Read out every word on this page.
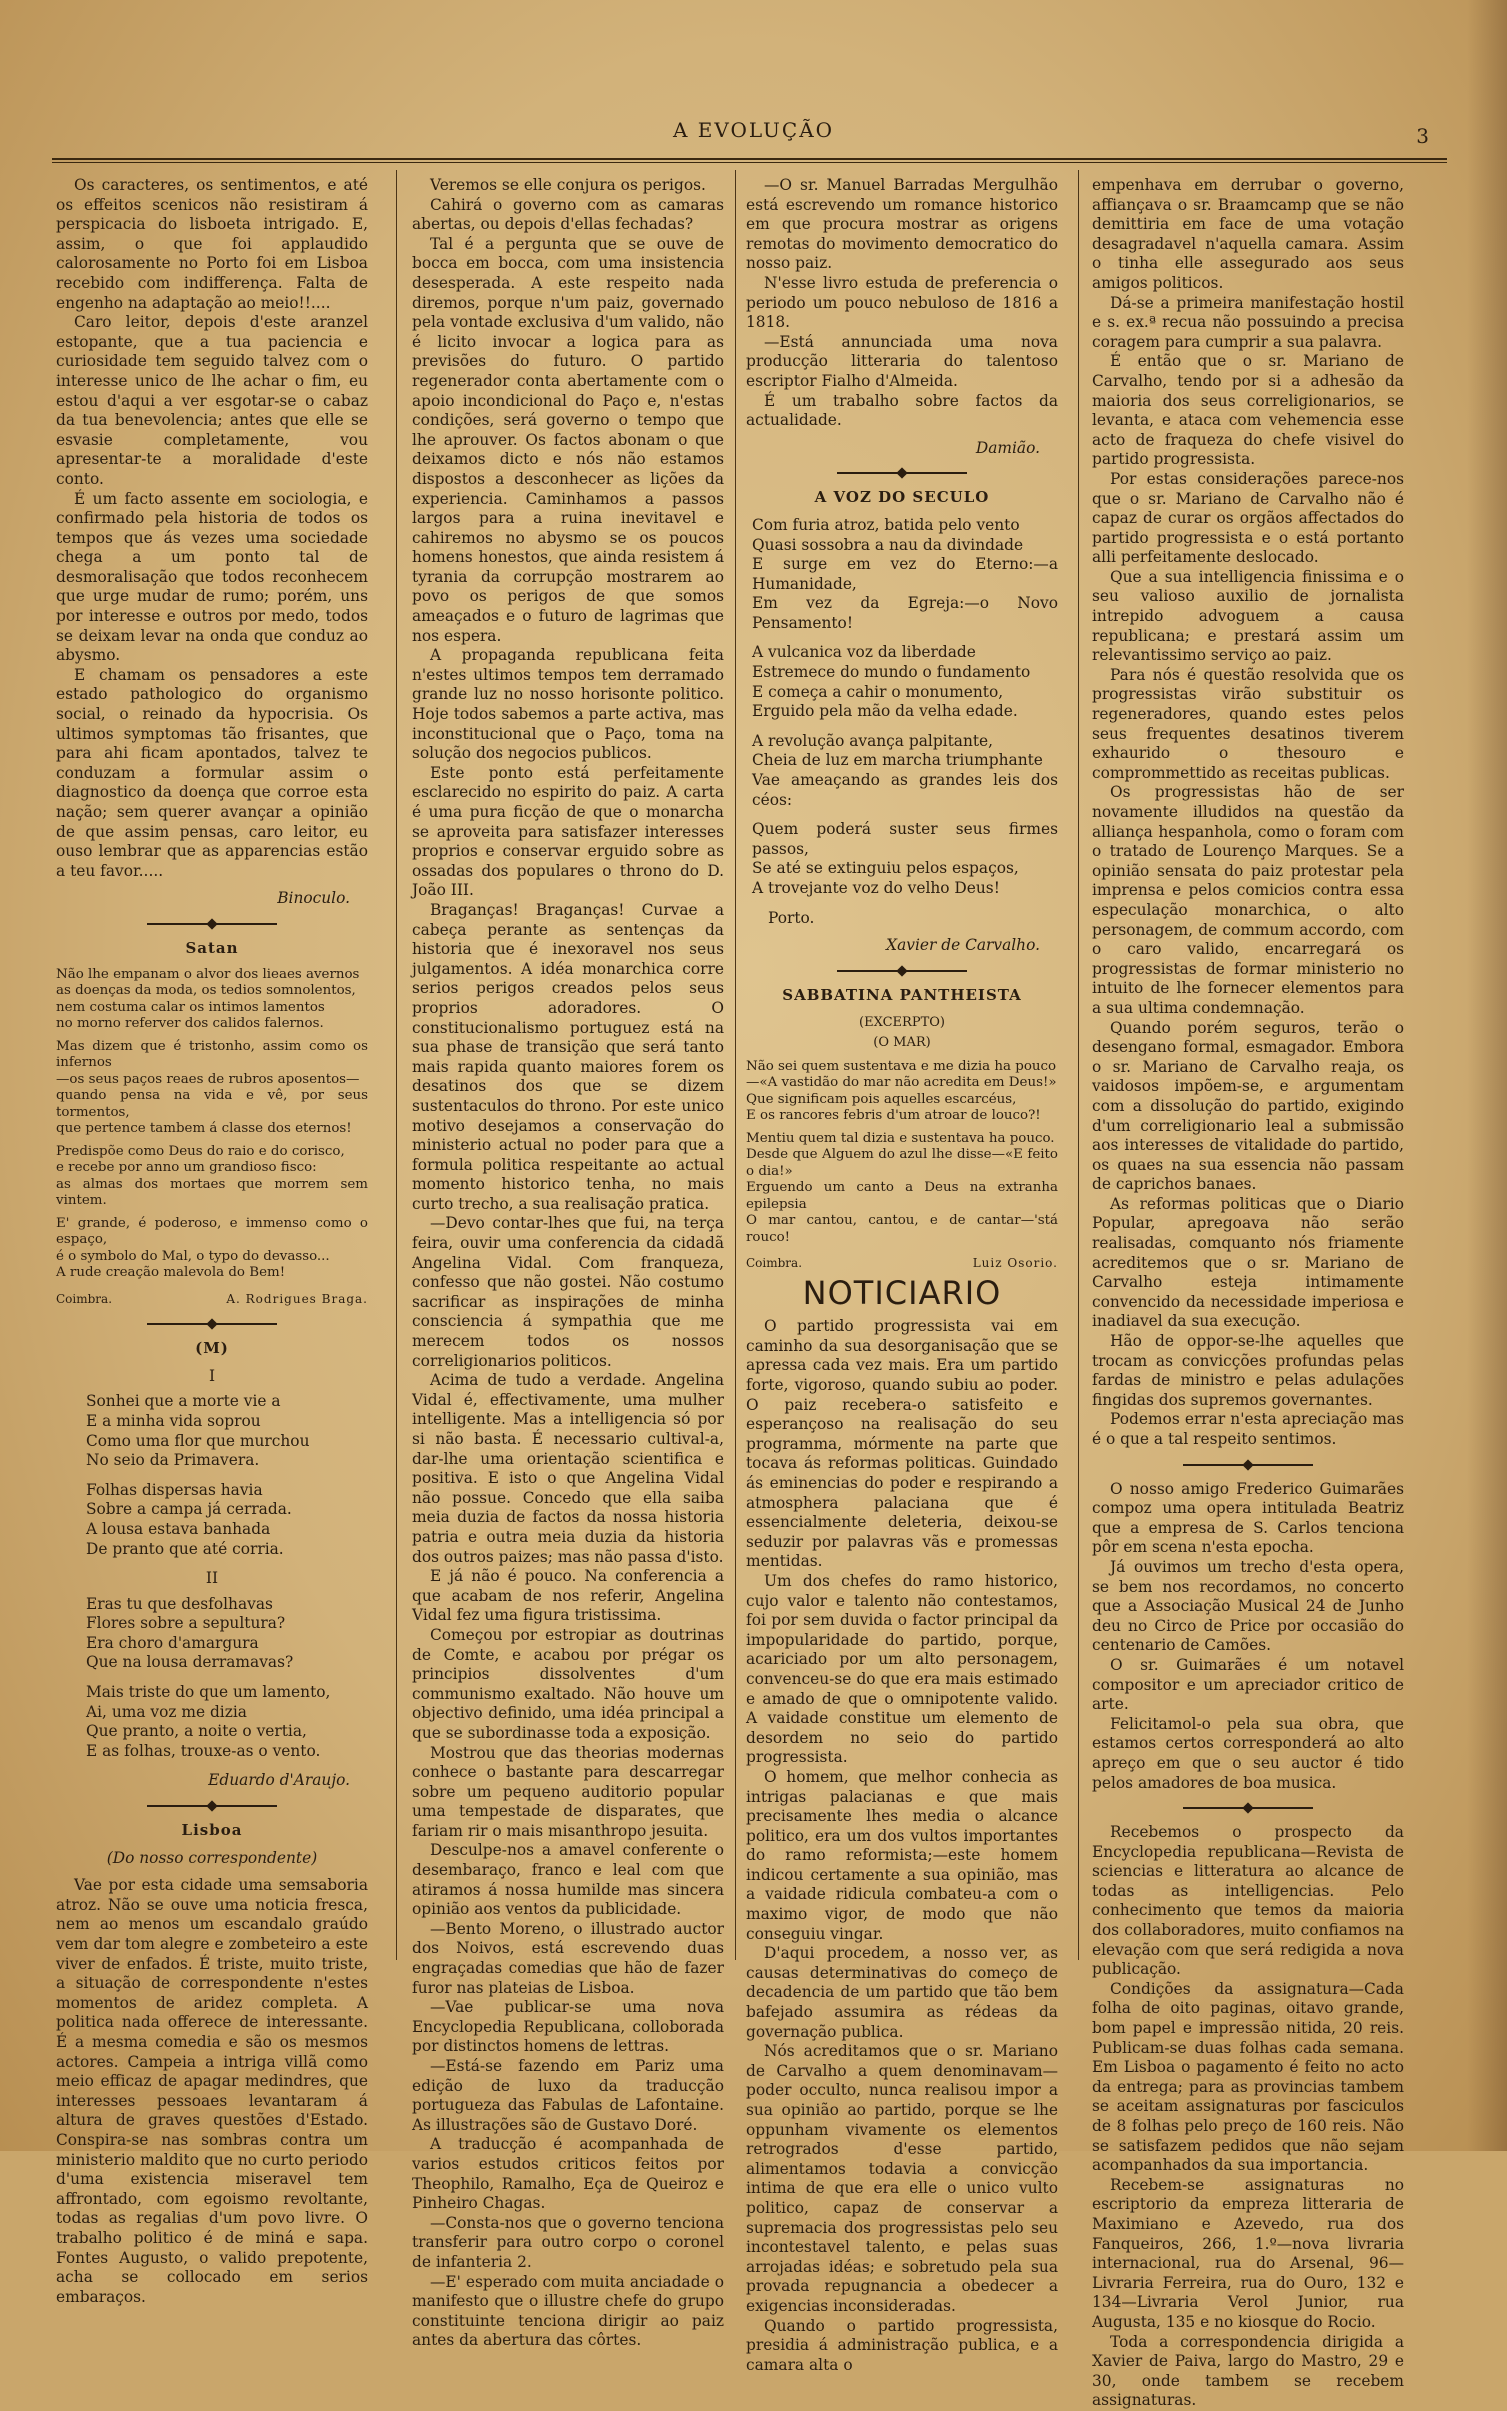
A EVOLUÇÃO	3

Os caracteres, os sentimentos, e até os effeitos scenicos não resistiram á perspicacia do lisboeta intrigado. E, assim, o que foi applaudido calorosamente no Porto foi em Lisboa recebido com indifferença. Falta de engenho na adaptação ao meio!!....

Caro leitor, depois d'este aranzel estopante, que a tua paciencia e curiosidade tem seguido talvez com o interesse unico de lhe achar o fim, eu estou d'aqui a ver esgotar-se o cabaz da tua benevolencia; antes que elle se esvasie completamente, vou apresentar-te a moralidade d'este conto.

É um facto assente em sociologia, e confirmado pela historia de todos os tempos que ás vezes uma sociedade chega a um ponto tal de desmoralisação que todos reconhecem que urge mudar de rumo; porém, uns por interesse e outros por medo, todos se deixam levar na onda que conduz ao abysmo.

E chamam os pensadores a este estado pathologico do organismo social, o reinado da hypocrisia. Os ultimos symptomas tão frisantes, que para ahi ficam apontados, talvez te conduzam a formular assim o diagnostico da doença que corroe esta nação; sem querer avançar a opinião de que assim pensas, caro leitor, eu ouso lembrar que as apparencias estão a teu favor.....

Binoculo.
Satan
Não lhe empanam o alvor dos lieaes avernos
as doenças da moda, os tedios somnolentos,
nem costuma calar os intimos lamentos
no morno referver dos calidos falernos.
Mas dizem que é tristonho, assim como os infernos
—os seus paços reaes de rubros aposentos—
quando pensa na vida e vê, por seus tormentos,
que pertence tambem á classe dos eternos!
Predispõe como Deus do raio e do corisco,
e recebe por anno um grandioso fisco:
as almas dos mortaes que morrem sem vintem.
E' grande, é poderoso, e immenso como o espaço,
é o symbolo do Mal, o typo do devasso...
A rude creação malevola do Bem!
Coimbra.	A. Rodrigues Braga.
(M)
I
Sonhei que a morte vie a
E a minha vida soprou
Como uma flor que murchou
No seio da Primavera.
Folhas dispersas havia
Sobre a campa já cerrada.
A lousa estava banhada
De pranto que até corria.
II
Eras tu que desfolhavas
Flores sobre a sepultura?
Era choro d'amargura
Que na lousa derramavas?
Mais triste do que um lamento,
Ai, uma voz me dizia
Que pranto, a noite o vertia,
E as folhas, trouxe-as o vento.
Eduardo d'Araujo.
Lisboa
(Do nosso correspondente)

Vae por esta cidade uma semsaboria atroz. Não se ouve uma noticia fresca, nem ao menos um escandalo graúdo vem dar tom alegre e zombeteiro a este viver de enfados. É triste, muito triste, a situação de correspondente n'estes momentos de aridez completa. A politica nada offerece de interessante. É a mesma comedia e são os mesmos actores. Campeia a intriga villã como meio efficaz de apagar medindres, que interesses pessoaes levantaram á altura de graves questões d'Estado. Conspira-se nas sombras contra um ministerio maldito que no curto periodo d'uma existencia miseravel tem affrontado, com egoismo revoltante, todas as regalias d'um povo livre. O trabalho politico é de miná e sapa. Fontes Augusto, o valido prepotente, acha se collocado em serios embaraços.

Veremos se elle conjura os perigos.

Cahirá o governo com as camaras abertas, ou depois d'ellas fechadas?

Tal é a pergunta que se ouve de bocca em bocca, com uma insistencia desesperada. A este respeito nada diremos, porque n'um paiz, governado pela vontade exclusiva d'um valido, não é licito invocar a logica para as previsões do futuro. O partido regenerador conta abertamente com o apoio incondicional do Paço e, n'estas condições, será governo o tempo que lhe aprouver. Os factos abonam o que deixamos dicto e nós não estamos dispostos a desconhecer as lições da experiencia. Caminhamos a passos largos para a ruina inevitavel e cahiremos no abysmo se os poucos homens honestos, que ainda resistem á tyrania da corrupção mostrarem ao povo os perigos de que somos ameaçados e o futuro de lagrimas que nos espera.

A propaganda republicana feita n'estes ultimos tempos tem derramado grande luz no nosso horisonte politico. Hoje todos sabemos a parte activa, mas inconstitucional que o Paço, toma na solução dos negocios publicos.

Este ponto está perfeitamente esclarecido no espirito do paiz. A carta é uma pura ficção de que o monarcha se aproveita para satisfazer interesses proprios e conservar erguido sobre as ossadas dos populares o throno do D. João III.

Braganças! Braganças! Curvae a cabeça perante as sentenças da historia que é inexoravel nos seus julgamentos. A idéa monarchica corre serios perigos creados pelos seus proprios adoradores. O constitucionalismo portuguez está na sua phase de transição que será tanto mais rapida quanto maiores forem os desatinos dos que se dizem sustentaculos do throno. Por este unico motivo desejamos a conservação do ministerio actual no poder para que a formula politica respeitante ao actual momento historico tenha, no mais curto trecho, a sua realisação pratica.

—Devo contar-lhes que fui, na terça feira, ouvir uma conferencia da cidadã Angelina Vidal. Com franqueza, confesso que não gostei. Não costumo sacrificar as inspirações de minha consciencia á sympathia que me merecem todos os nossos correligionarios politicos.

Acima de tudo a verdade. Angelina Vidal é, effectivamente, uma mulher intelligente. Mas a intelligencia só por si não basta. É necessario cultival-a, dar-lhe uma orientação scientifica e positiva. E isto o que Angelina Vidal não possue. Concedo que ella saiba meia duzia de factos da nossa historia patria e outra meia duzia da historia dos outros paizes; mas não passa d'isto.

E já não é pouco. Na conferencia a que acabam de nos referir, Angelina Vidal fez uma figura tristissima.

Começou por estropiar as doutrinas de Comte, e acabou por prégar os principios dissolventes d'um communismo exaltado. Não houve um objectivo definido, uma idéa principal a que se subordinasse toda a exposição.

Mostrou que das theorias modernas conhece o bastante para descarregar sobre um pequeno auditorio popular uma tempestade de disparates, que fariam rir o mais misanthropo jesuita.

Desculpe-nos a amavel conferente o desembaraço, franco e leal com que atiramos á nossa humilde mas sincera opinião aos ventos da publicidade.

—Bento Moreno, o illustrado auctor dos Noivos, está escrevendo duas engraçadas comedias que hão de fazer furor nas plateias de Lisboa.

—Vae publicar-se uma nova Encyclopedia Republicana, colloborada por distinctos homens de lettras.

—Está-se fazendo em Pariz uma edição de luxo da traducção portugueza das Fabulas de Lafontaine. As illustrações são de Gustavo Doré.

A traducção é acompanhada de varios estudos criticos feitos por Theophilo, Ramalho, Eça de Queiroz e Pinheiro Chagas.

—Consta-nos que o governo tenciona transferir para outro corpo o coronel de infanteria 2.

—E' esperado com muita anciadade o manifesto que o illustre chefe do grupo constituinte tenciona dirigir ao paiz antes da abertura das côrtes.

—O sr. Manuel Barradas Mergulhão está escrevendo um romance historico em que procura mostrar as origens remotas do movimento democratico do nosso paiz.

N'esse livro estuda de preferencia o periodo um pouco nebuloso de 1816 a 1818.

—Está annunciada uma nova producção litteraria do talentoso escriptor Fialho d'Almeida.

É um trabalho sobre factos da actualidade.

Damião.
A VOZ DO SECULO
Com furia atroz, batida pelo vento
Quasi sossobra a nau da divindade
E surge em vez do Eterno:—a Humanidade,
Em vez da Egreja:—o Novo Pensamento!
A vulcanica voz da liberdade
Estremece do mundo o fundamento
E começa a cahir o monumento,
Erguido pela mão da velha edade.
A revolução avança palpitante,
Cheia de luz em marcha triumphante
Vae ameaçando as grandes leis dos céos:
Quem poderá suster seus firmes passos,
Se até se extinguiu pelos espaços,
A trovejante voz do velho Deus!
Porto.
Xavier de Carvalho.
SABBATINA PANTHEISTA
(EXCERPTO)
(O MAR)
Não sei quem sustentava e me dizia ha pouco
—«A vastidão do mar não acredita em Deus!»
Que significam pois aquelles escarcéus,
E os rancores febris d'um atroar de louco?!
Mentiu quem tal dizia e sustentava ha pouco.
Desde que Alguem do azul lhe disse—«E feito o dia!»
Erguendo um canto a Deus na extranha epilepsia
O mar cantou, cantou, e de cantar—'stá rouco!
Coimbra.	Luiz Osorio.
NOTICIARIO

O partido progressista vai em caminho da sua desorganisação que se apressa cada vez mais. Era um partido forte, vigoroso, quando subiu ao poder. O paiz recebera-o satisfeito e esperançoso na realisação do seu programma, mórmente na parte que tocava ás reformas politicas. Guindado ás eminencias do poder e respirando a atmosphera palaciana que é essencialmente deleteria, deixou-se seduzir por palavras vãs e promessas mentidas.

Um dos chefes do ramo historico, cujo valor e talento não contestamos, foi por sem duvida o factor principal da impopularidade do partido, porque, acariciado por um alto personagem, convenceu-se do que era mais estimado e amado de que o omnipotente valido. A vaidade constitue um elemento de desordem no seio do partido progressista.

O homem, que melhor conhecia as intrigas palacianas e que mais precisamente lhes media o alcance politico, era um dos vultos importantes do ramo reformista;—este homem indicou certamente a sua opinião, mas a vaidade ridicula combateu-a com o maximo vigor, de modo que não conseguiu vingar.

D'aqui procedem, a nosso ver, as causas determinativas do começo de decadencia de um partido que tão bem bafejado assumira as rédeas da governação publica.

Nós acreditamos que o sr. Mariano de Carvalho a quem denominavam—poder occulto, nunca realisou impor a sua opinião ao partido, porque se lhe oppunham vivamente os elementos retrogrados d'esse partido, alimentamos todavia a convicção intima de que era elle o unico vulto politico, capaz de conservar a supremacia dos progressistas pelo seu incontestavel talento, e pelas suas arrojadas idéas; e sobretudo pela sua provada repugnancia a obedecer a exigencias inconsideradas.

Quando o partido progressista, presidia á administração publica, e a camara alta o

empenhava em derrubar o governo, affiançava o sr. Braamcamp que se não demittiria em face de uma votação desagradavel n'aquella camara. Assim o tinha elle assegurado aos seus amigos politicos.

Dá-se a primeira manifestação hostil e s. ex.ª recua não possuindo a precisa coragem para cumprir a sua palavra.

É então que o sr. Mariano de Carvalho, tendo por si a adhesão da maioria dos seus correligionarios, se levanta, e ataca com vehemencia esse acto de fraqueza do chefe visivel do partido progressista.

Por estas considerações parece-nos que o sr. Mariano de Carvalho não é capaz de curar os orgãos affectados do partido progressista e o está portanto alli perfeitamente deslocado.

Que a sua intelligencia finissima e o seu valioso auxilio de jornalista intrepido advoguem a causa republicana; e prestará assim um relevantissimo serviço ao paiz.

Para nós é questão resolvida que os progressistas virão substituir os regeneradores, quando estes pelos seus frequentes desatinos tiverem exhaurido o thesouro e comprommettido as receitas publicas.

Os progressistas hão de ser novamente illudidos na questão da alliança hespanhola, como o foram com o tratado de Lourenço Marques. Se a opinião sensata do paiz protestar pela imprensa e pelos comicios contra essa especulação monarchica, o alto personagem, de commum accordo, com o caro valido, encarregará os progressistas de formar ministerio no intuito de lhe fornecer elementos para a sua ultima condemnação.

Quando porém seguros, terão o desengano formal, esmagador. Embora o sr. Mariano de Carvalho reaja, os vaidosos impõem-se, e argumentam com a dissolução do partido, exigindo d'um correligionario leal a submissão aos interesses de vitalidade do partido, os quaes na sua essencia não passam de caprichos banaes.

As reformas politicas que o Diario Popular, apregoava não serão realisadas, comquanto nós friamente acreditemos que o sr. Mariano de Carvalho esteja intimamente convencido da necessidade imperiosa e inadiavel da sua execução.

Hão de oppor-se-lhe aquelles que trocam as convicções profundas pelas fardas de ministro e pelas adulações fingidas dos supremos governantes.

Podemos errar n'esta apreciação mas é o que a tal respeito sentimos.

O nosso amigo Frederico Guimarães compoz uma opera intitulada Beatriz que a empresa de S. Carlos tenciona pôr em scena n'esta epocha.

Já ouvimos um trecho d'esta opera, se bem nos recordamos, no concerto que a Associação Musical 24 de Junho deu no Circo de Price por occasião do centenario de Camões.

O sr. Guimarães é um notavel compositor e um apreciador critico de arte.

Felicitamol-o pela sua obra, que estamos certos corresponderá ao alto apreço em que o seu auctor é tido pelos amadores de boa musica.

Recebemos o prospecto da Encyclopedia republicana—Revista de sciencias e litteratura ao alcance de todas as intelligencias. Pelo conhecimento que temos da maioria dos collaboradores, muito confiamos na elevação com que será redigida a nova publicação.

Condições da assignatura—Cada folha de oito paginas, oitavo grande, bom papel e impressão nitida, 20 reis. Publicam-se duas folhas cada semana. Em Lisboa o pagamento é feito no acto da entrega; para as provincias tambem se aceitam assignaturas por fasciculos de 8 folhas pelo preço de 160 reis. Não se satisfazem pedidos que não sejam acompanhados da sua importancia.

Recebem-se assignaturas no escriptorio da empreza litteraria de Maximiano e Azevedo, rua dos Fanqueiros, 266, 1.º—nova livraria internacional, rua do Arsenal, 96—Livraria Ferreira, rua do Ouro, 132 e 134—Livraria Verol Junior, rua Augusta, 135 e no kiosque do Rocio.

Toda a correspondencia dirigida a Xavier de Paiva, largo do Mastro, 29 e 30, onde tambem se recebem assignaturas.
